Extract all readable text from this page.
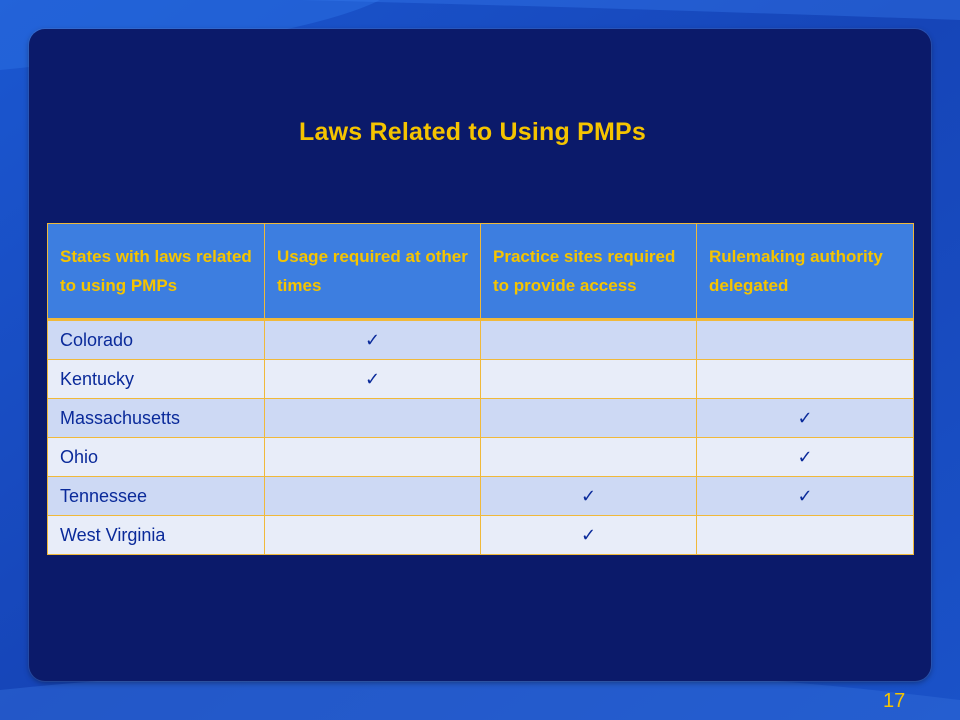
Laws Related to Using PMPs
States with laws related to using PMPs	Usage required at other times	Practice sites required to provide access	Rulemaking authority delegated
Colorado	✓		
Kentucky	✓		
Massachusetts			✓
Ohio			✓
Tennessee		✓	✓
West Virginia		✓	
17
